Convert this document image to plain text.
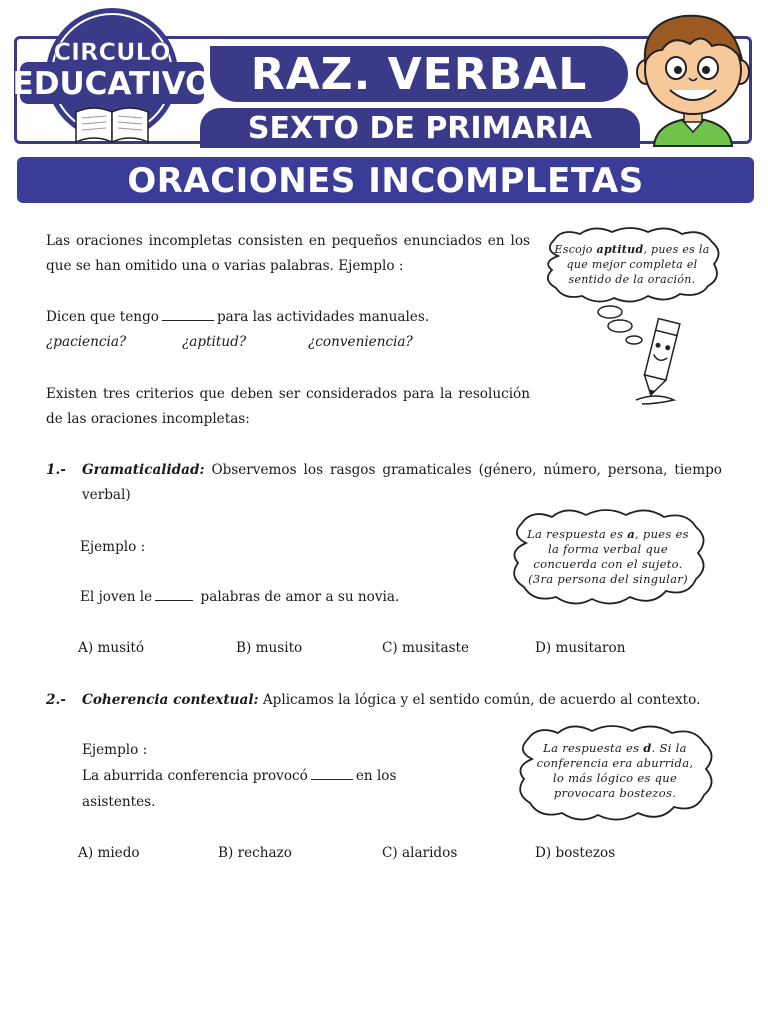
RAZ. VERBAL
SEXTO DE PRIMARIA
CIRCULO
EDUCATIVO
ORACIONES INCOMPLETAS
Las oraciones incompletas consisten en pequeños enunciados en los
que se han omitido una o varias palabras. Ejemplo :
Dicen que tengo	para las actividades manuales.
¿paciencia?	¿aptitud?	¿conveniencia?
Existen tres criterios que deben ser considerados para la resolución
de las oraciones incompletas:
Escojo aptitud, pues es la
que mejor completa el
sentido de la oración.
1.- Gramaticalidad: Observemos los rasgos gramaticales (género, número, persona, tiempo
verbal)
Ejemplo :
El joven le	palabras de amor a su novia.
A) musitó	B) musito	C) musitaste	D) musitaron
La respuesta es a, pues es
la forma verbal que
concuerda con el sujeto.
(3ra persona del singular)
2.- Coherencia contextual: Aplicamos la lógica y el sentido común, de acuerdo al contexto.
Ejemplo :
La aburrida conferencia provocó	en los
asistentes.
A) miedo	B) rechazo	C) alaridos	D) bostezos
La respuesta es d. Si la
conferencia era aburrida,
lo más lógico es que
provocara bostezos.
